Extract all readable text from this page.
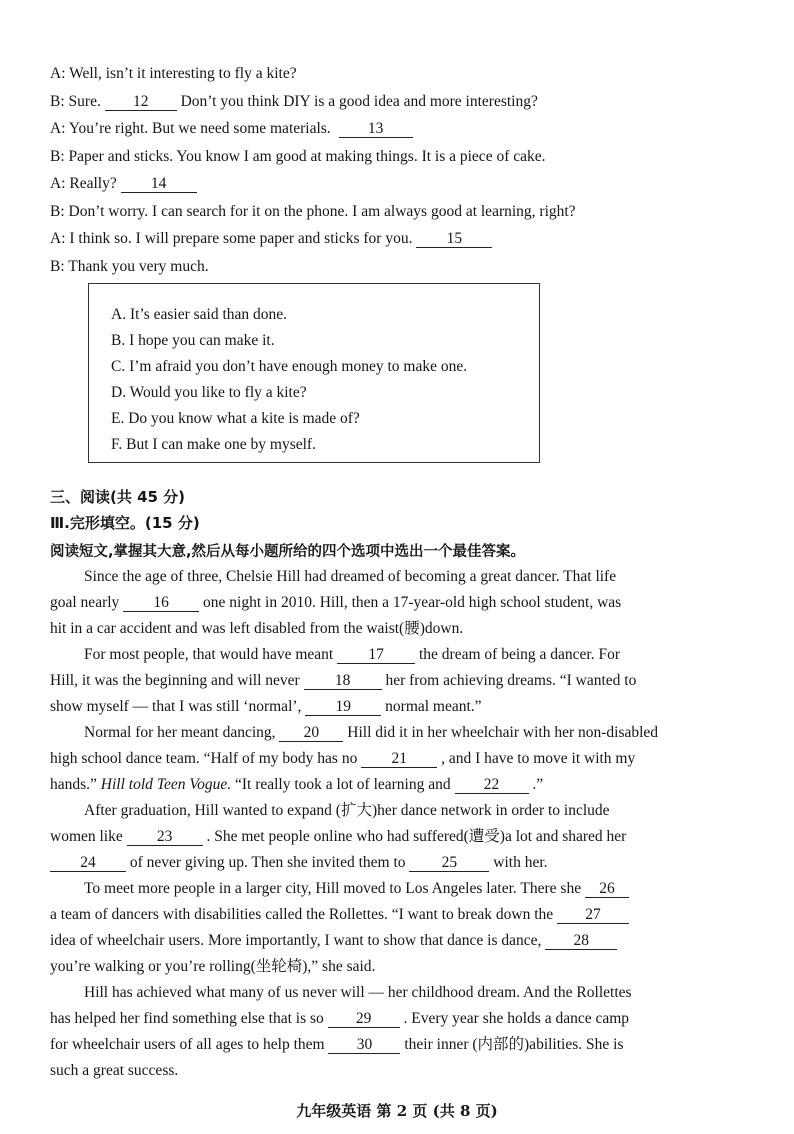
A: Well, isn’t it interesting to fly a kite?
B: Sure. 12 Don’t you think DIY is a good idea and more interesting?
A: You’re right. But we need some materials. 13
B: Paper and sticks. You know I am good at making things. It is a piece of cake.
A: Really? 14
B: Don’t worry. I can search for it on the phone. I am always good at learning, right?
A: I think so. I will prepare some paper and sticks for you. 15
B: Thank you very much.
A. It’s easier said than done.
B. I hope you can make it.
C. I’m afraid you don’t have enough money to make one.
D. Would you like to fly a kite?
E. Do you know what a kite is made of?
F. But I can make one by myself.
三、阅读(共 45 分)
Ⅲ.完形填空。(15 分)
阅读短文,掌握其大意,然后从每小题所给的四个选项中选出一个最佳答案。
Since the age of three, Chelsie Hill had dreamed of becoming a great dancer. That life
goal nearly 16 one night in 2010. Hill, then a 17-year-old high school student, was
hit in a car accident and was left disabled from the waist(腰)down.
For most people, that would have meant 17 the dream of being a dancer. For
Hill, it was the beginning and will never 18 her from achieving dreams. “I wanted to
show myself — that I was still ‘normal’, 19 normal meant.”
Normal for her meant dancing, 20 Hill did it in her wheelchair with her non-disabled
high school dance team. “Half of my body has no 21 , and I have to move it with my
hands.” Hill told Teen Vogue. “It really took a lot of learning and 22 .”
After graduation, Hill wanted to expand (扩大)her dance network in order to include
women like 23 . She met people online who had suffered(遭受)a lot and shared her
24 of never giving up. Then she invited them to 25 with her.
To meet more people in a larger city, Hill moved to Los Angeles later. There she 26
a team of dancers with disabilities called the Rollettes. “I want to break down the 27
idea of wheelchair users. More importantly, I want to show that dance is dance, 28
you’re walking or you’re rolling(坐轮椅),” she said.
Hill has achieved what many of us never will — her childhood dream. And the Rollettes
has helped her find something else that is so 29 . Every year she holds a dance camp
for wheelchair users of all ages to help them 30 their inner (内部的)abilities. She is
such a great success.
九年级英语 第 2 页 (共 8 页)
